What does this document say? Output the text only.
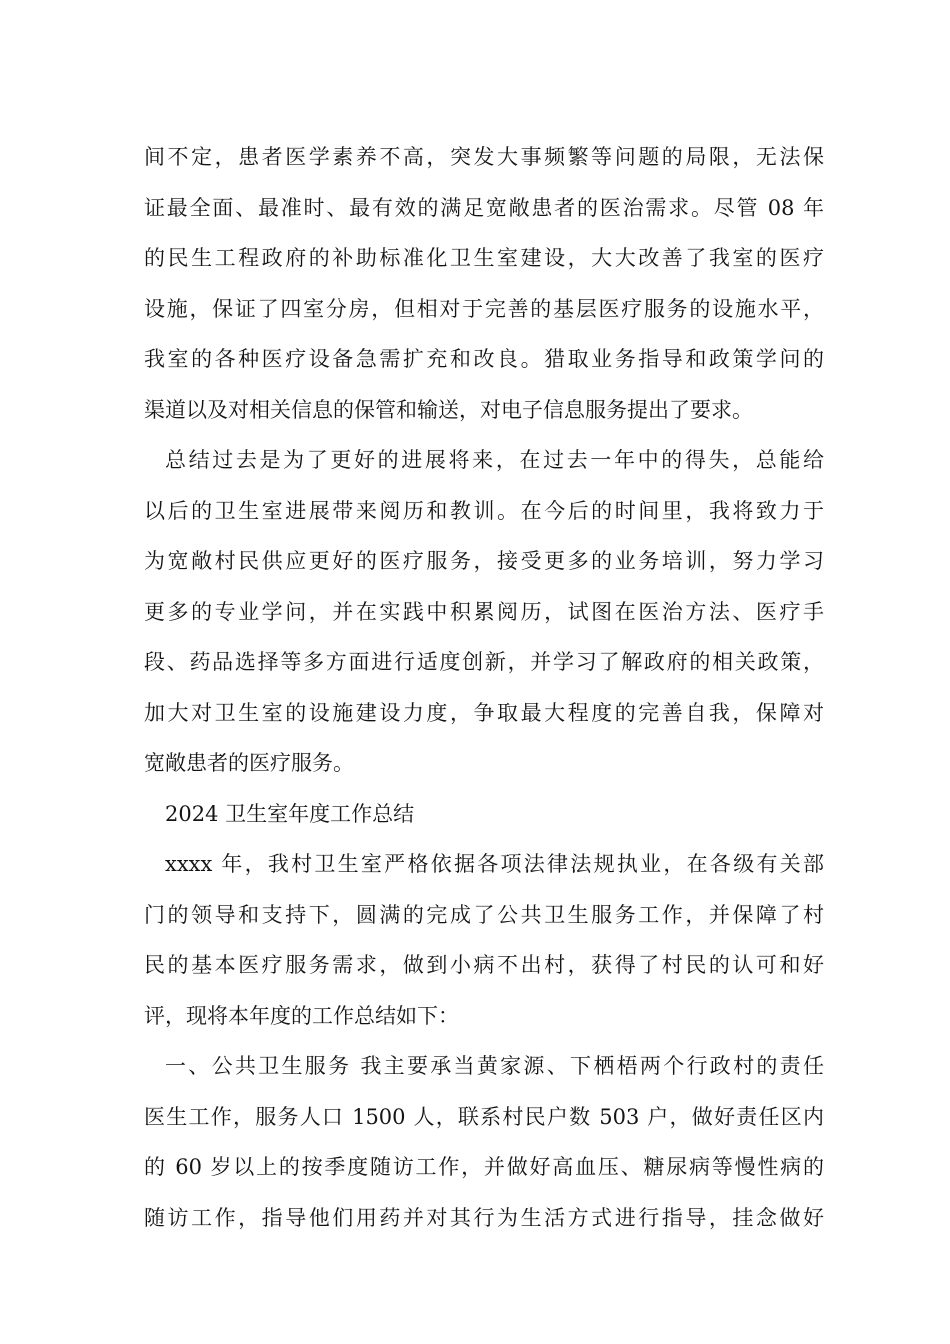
间不定，患者医学素养不高，突发大事频繁等问题的局限，无法保
证最全面、最准时、最有效的满足宽敞患者的医治需求。尽管 08 年
的民生工程政府的补助标准化卫生室建设，大大改善了我室的医疗
设施，保证了四室分房，但相对于完善的基层医疗服务的设施水平，
我室的各种医疗设备急需扩充和改良。猎取业务指导和政策学问的
渠道以及对相关信息的保管和输送，对电子信息服务提出了要求。
总结过去是为了更好的进展将来，在过去一年中的得失，总能给
以后的卫生室进展带来阅历和教训。在今后的时间里，我将致力于
为宽敞村民供应更好的医疗服务，接受更多的业务培训，努力学习
更多的专业学问，并在实践中积累阅历，试图在医治方法、医疗手
段、药品选择等多方面进行适度创新，并学习了解政府的相关政策，
加大对卫生室的设施建设力度，争取最大程度的完善自我，保障对
宽敞患者的医疗服务。
2024 卫生室年度工作总结
xxxx 年，我村卫生室严格依据各项法律法规执业，在各级有关部
门的领导和支持下，圆满的完成了公共卫生服务工作，并保障了村
民的基本医疗服务需求，做到小病不出村，获得了村民的认可和好
评，现将本年度的工作总结如下：
一、公共卫生服务 我主要承当黄家源、下栖梧两个行政村的责任
医生工作，服务人口 1500 人，联系村民户数 503 户，做好责任区内
的 60 岁以上的按季度随访工作，并做好高血压、糖尿病等慢性病的
随访工作，指导他们用药并对其行为生活方式进行指导，挂念做好
